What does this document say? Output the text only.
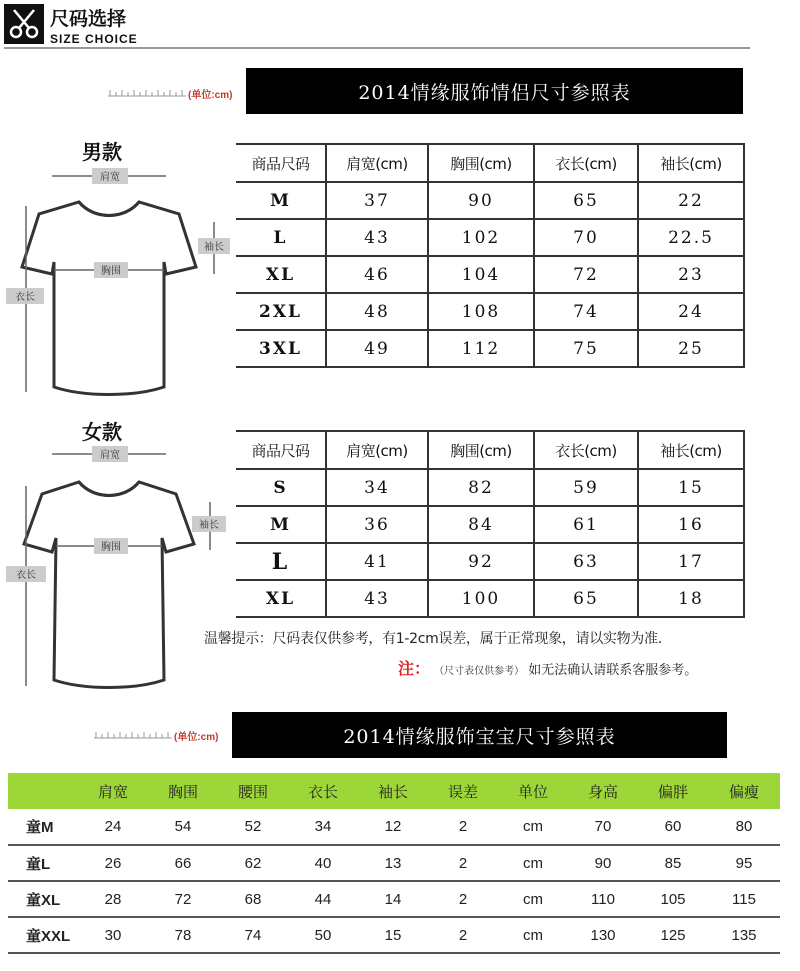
尺码选择
SIZE CHOICE
(单位:cm)	2014情缘服饰情侣尺寸参照表
男款
肩宽
袖长
胸围
衣长
商品尺码	肩宽(cm)	胸围(cm)	衣长(cm)	袖长(cm)
M	37	90	65	22
L	43	102	70	22.5
XL	46	104	72	23
2XL	48	108	74	24
3XL	49	112	75	25
女款
肩宽
袖长
胸围
衣长
商品尺码	肩宽(cm)	胸围(cm)	衣长(cm)	袖长(cm)
S	34	82	59	15
M	36	84	61	16
L	41	92	63	17
XL	43	100	65	18
温馨提示：尺码表仅供参考，有1-2cm误差，属于正常现象，请以实物为准.
注： （尺寸表仅供参考） 如无法确认请联系客服参考。
(单位:cm)	2014情缘服饰宝宝尺寸参照表
	肩宽	胸围	腰围	衣长	袖长	误差	单位	身高	偏胖	偏瘦
童M	24	54	52	34	12	2	cm	70	60	80
童L	26	66	62	40	13	2	cm	90	85	95
童XL	28	72	68	44	14	2	cm	110	105	115
童XXL	30	78	74	50	15	2	cm	130	125	135
